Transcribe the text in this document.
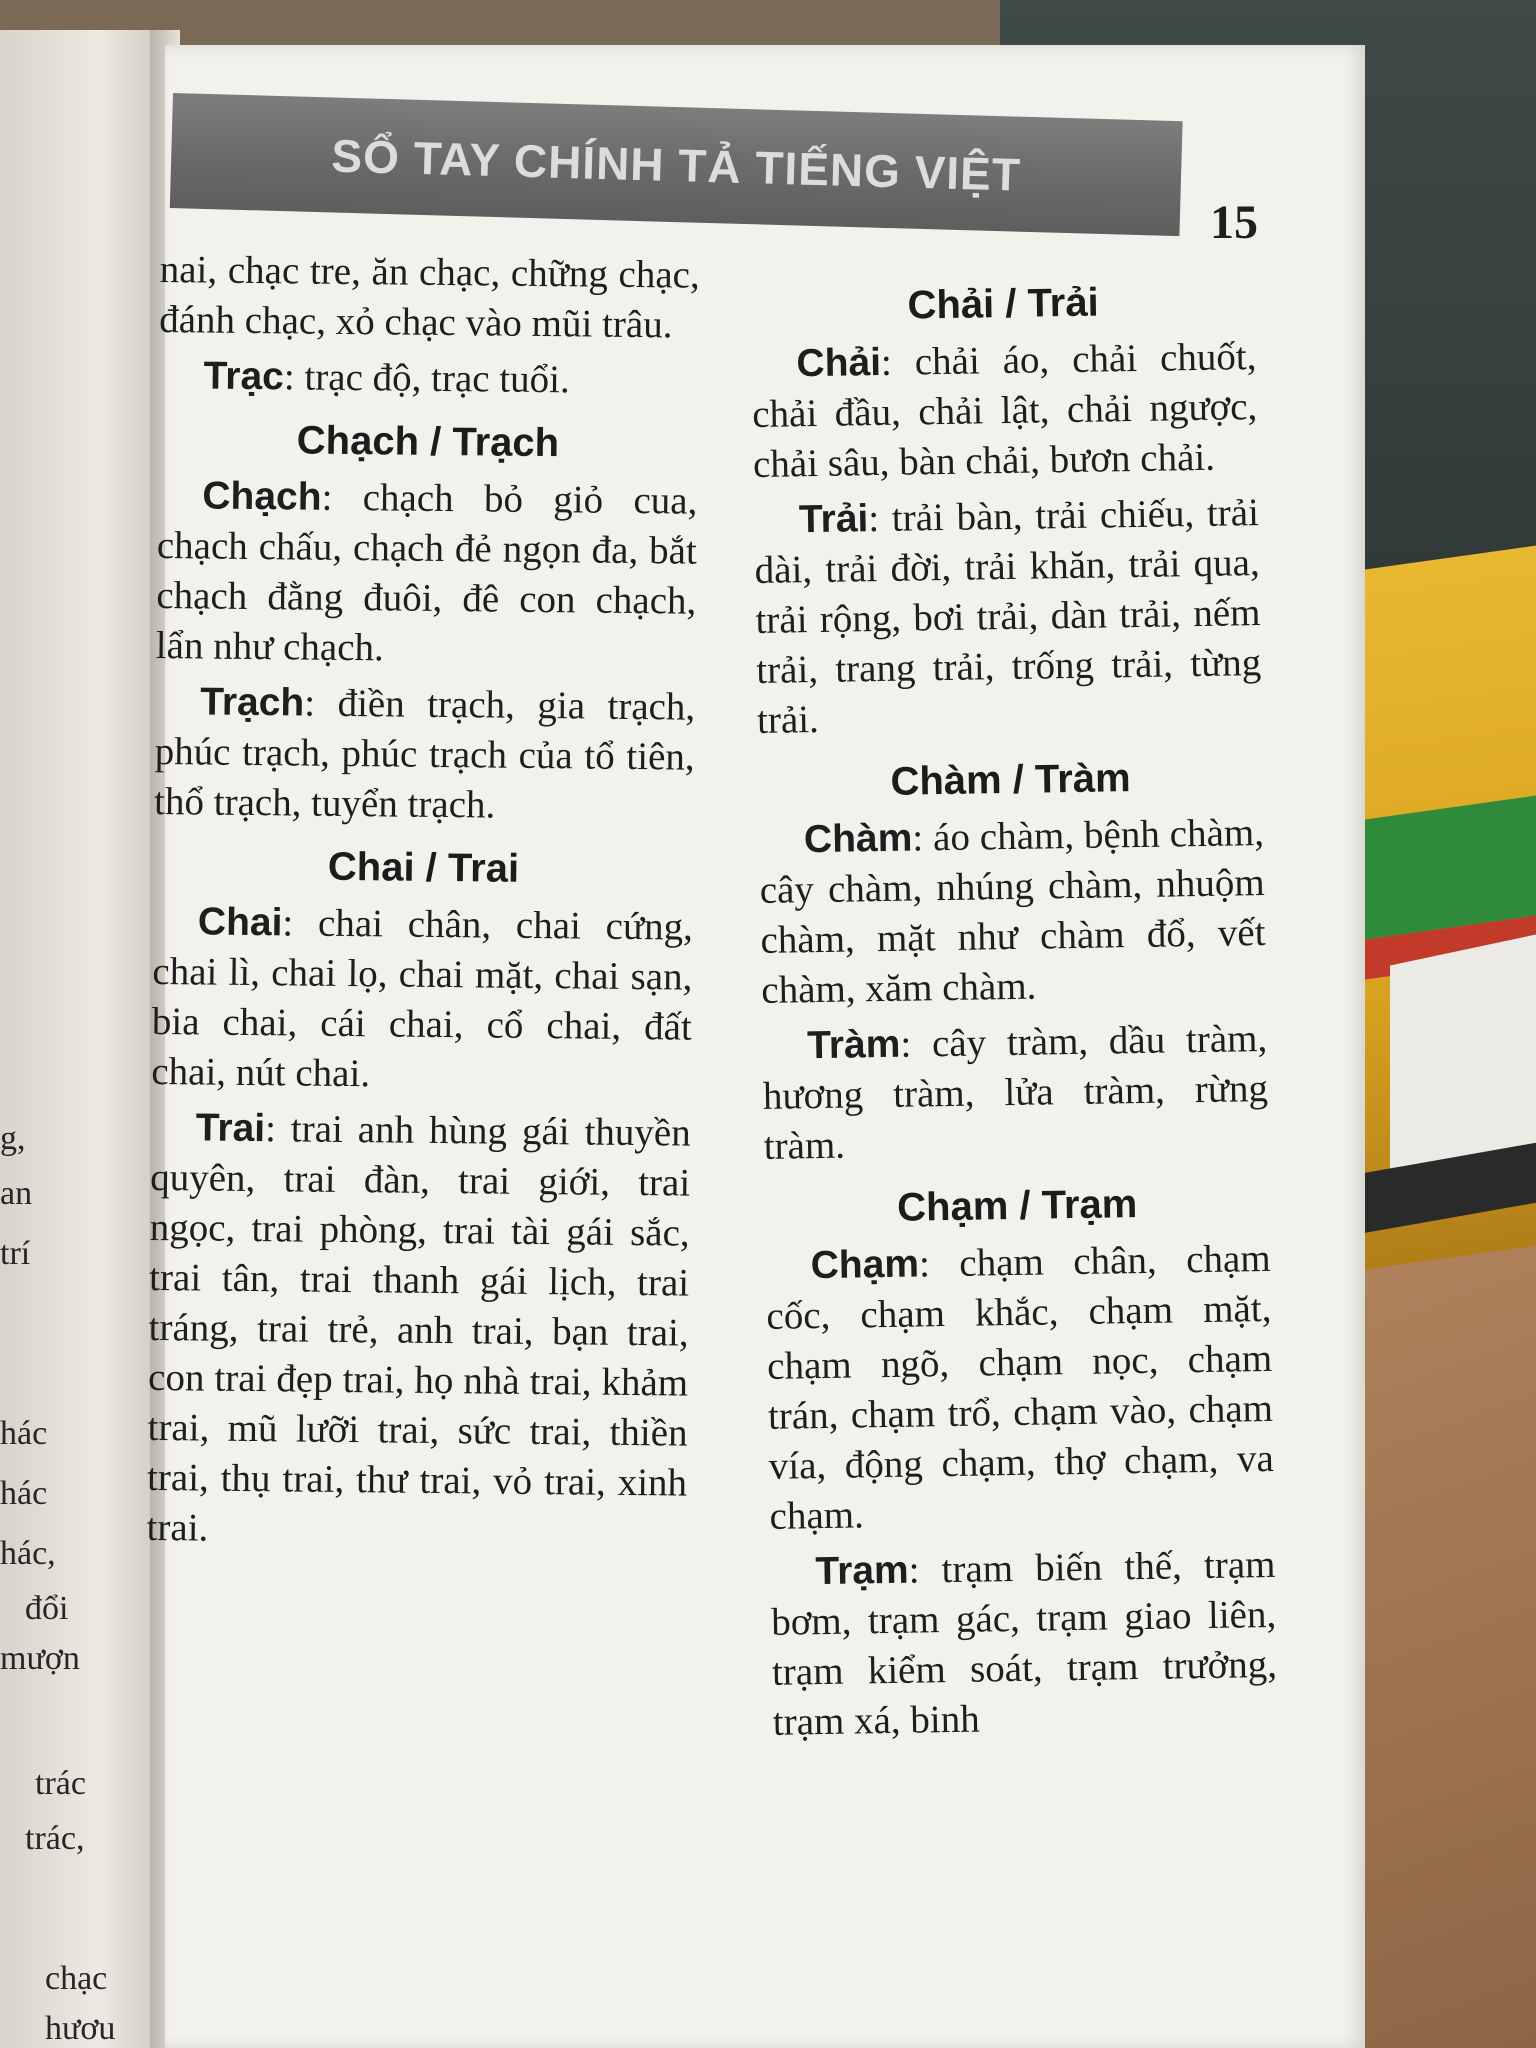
g,
an
trí
hác
hác
hác,
đổi
mượn
trác
trác,
chạc
hươu
SỔ TAY CHÍNH TẢ TIẾNG VIỆT
15

nai, chạc tre, ăn chạc, chững chạc, đánh chạc, xỏ chạc vào mũi trâu.

Trạc: trạc độ, trạc tuổi.

Chạch / Trạch

Chạch: chạch bỏ giỏ cua, chạch chấu, chạch đẻ ngọn đa, bắt chạch đằng đuôi, đê con chạch, lẩn như chạch.

Trạch: điền trạch, gia trạch, phúc trạch, phúc trạch của tổ tiên, thổ trạch, tuyển trạch.

Chai / Trai

Chai: chai chân, chai cứng, chai lì, chai lọ, chai mặt, chai sạn, bia chai, cái chai, cổ chai, đất chai, nút chai.

Trai: trai anh hùng gái thuyền quyên, trai đàn, trai giới, trai ngọc, trai phòng, trai tài gái sắc, trai tân, trai thanh gái lịch, trai tráng, trai trẻ, anh trai, bạn trai, con trai đẹp trai, họ nhà trai, khảm trai, mũ lưỡi trai, sức trai, thiền trai, thụ trai, thư trai, vỏ trai, xinh trai.

Chải / Trải

Chải: chải áo, chải chuốt, chải đầu, chải lật, chải ngược, chải sâu, bàn chải, bươn chải.

Trải: trải bàn, trải chiếu, trải dài, trải đời, trải khăn, trải qua, trải rộng, bơi trải, dàn trải, nếm trải, trang trải, trống trải, từng trải.

Chàm / Tràm

Chàm: áo chàm, bệnh chàm, cây chàm, nhúng chàm, nhuộm chàm, mặt như chàm đổ, vết chàm, xăm chàm.

Tràm: cây tràm, dầu tràm, hương tràm, lửa tràm, rừng tràm.

Chạm / Trạm

Chạm: chạm chân, chạm cốc, chạm khắc, chạm mặt, chạm ngõ, chạm nọc, chạm trán, chạm trổ, chạm vào, chạm vía, động chạm, thợ chạm, va chạm.

Trạm: trạm biến thế, trạm bơm, trạm gác, trạm giao liên, trạm kiểm soát, trạm trưởng, trạm xá, binh
